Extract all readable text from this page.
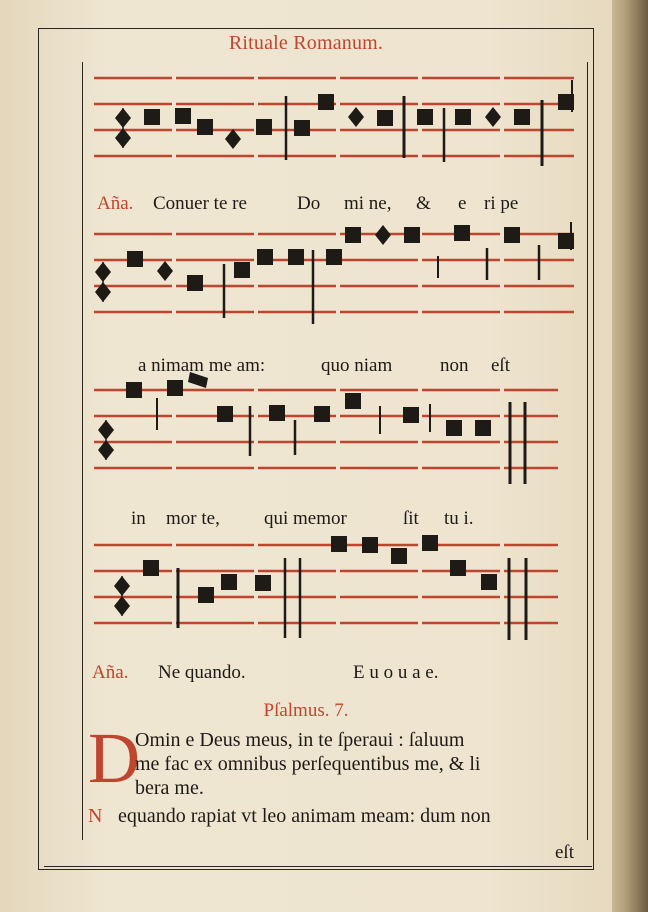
Rituale Romanum.
Aña. Conuer te re	Do mi ne, & e ri pe
a nimam me am:	quo niam	non eſt
in mor te, qui memor	ſit tu i.
Aña. Ne quando.	E u o u a e.
Pſalmus. 7.
D
Omin e Deus meus, in te ſperaui : ſaluum
me fac ex omnibus perſequentibus me, & li
bera me.
N equando rapiat vt leo animam meam: dum non
eſt
